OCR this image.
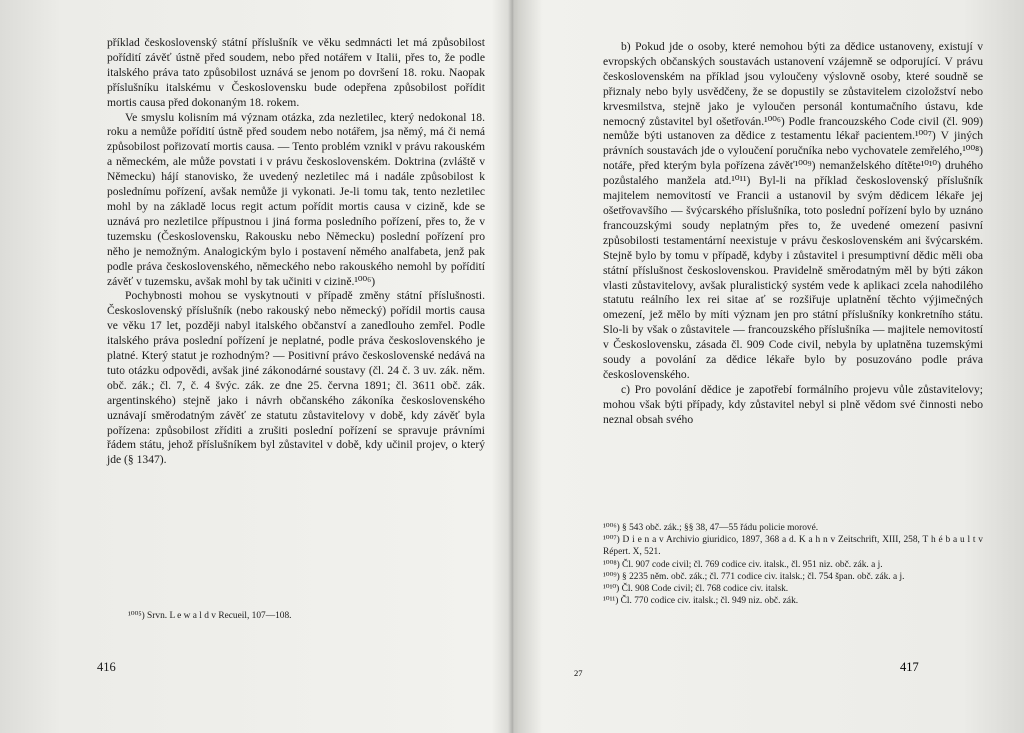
příklad československý státní příslušník ve věku sedmnácti let má způsobilost pořídití závěť ústně před soudem, nebo před notářem v Italii, přes to, že podle italského práva tato způsobilost uznává se jenom po dovršení 18. roku. Naopak příslušníku italskému v Československu bude odepřena způsobilost pořídit mortis causa před dokonaným 18. rokem.

Ve smyslu kolisním má význam otázka, zda nezletilec, který nedokonal 18. roku a nemůže pořídití ústně před soudem nebo notářem, jsa němý, má či nemá způsobilost pořizovatí mortis causa. — Tento problém vznikl v právu rakouském a německém, ale může povstati i v právu československém. Doktrina (zvláště v Německu) hájí stanovisko, že uvedený nezletilec má i nadále způsobilost k poslednímu pořízení, avšak nemůže ji vykonati. Je-li tomu tak, tento nezletilec mohl by na základě locus regit actum pořídit mortis causa v cizině, kde se uznává pro nezletilce přípustnou i jiná forma posledního pořízení, přes to, že v tuzemsku (Československu, Rakousku nebo Německu) poslední pořízení pro něho je nemožným. Analogickým bylo i postavení němého analfabeta, jenž pak podle práva československého, německého nebo rakouského nemohl by pořídití závěť v tuzemsku, avšak mohl by tak učiniti v cizině.¹⁰⁰⁶)

Pochybnosti mohou se vyskytnouti v případě změny státní příslušnosti. Československý příslušník (nebo rakouský nebo německý) pořídil mortis causa ve věku 17 let, později nabyl italského občanství a zanedlouho zemřel. Podle italského práva poslední pořízení je neplatné, podle práva československého je platné. Který statut je rozhodným? — Positivní právo československé nedává na tuto otázku odpovědi, avšak jiné zákonodárné soustavy (čl. 24 č. 3 uv. zák. něm. obč. zák.; čl. 7, č. 4 švýc. zák. ze dne 25. června 1891; čl. 3611 obč. zák. argentinského) stejně jako i návrh občanského zákoníka československého uznávají směrodatným závěť ze statutu zůstavitelovy v době, kdy závěť byla pořízena: způsobilost zříditi a zrušiti poslední pořízení se spravuje právními řádem státu, jehož příslušníkem byl zůstavitel v době, kdy učinil projev, o který jde (§ 1347).

¹⁰⁰⁵) Srvn. L e w a l d v Recueil, 107—108.
416

b) Pokud jde o osoby, které nemohou býti za dědice ustanoveny, existují v evropských občanských soustavách ustanovení vzájemně se odporující. V právu československém na příklad jsou vyloučeny výslovně osoby, které soudně se přiznaly nebo byly usvědčeny, že se dopustily se zůstavitelem cizoložství nebo krvesmilstva, stejně jako je vyloučen personál kontumačního ústavu, kde nemocný zůstavitel byl ošetřován.¹⁰⁰⁶) Podle francouzského Code civil (čl. 909) nemůže býti ustanoven za dědice z testamentu lékař pacientem.¹⁰⁰⁷) V jiných právních soustavách jde o vyloučení poručníka nebo vychovatele zemřelého,¹⁰⁰⁸) notáře, před kterým byla pořízena závěť¹⁰⁰⁹) nemanželského dítěte¹⁰¹⁰) druhého pozůstalého manžela atd.¹⁰¹¹) Byl-li na příklad československý příslušník majitelem nemovitostí ve Francii a ustanovil by svým dědicem lékaře jej ošetřovavšího — švýcarského příslušníka, toto poslední pořízení bylo by uznáno francouzskými soudy neplatným přes to, že uvedené omezení pasivní způsobilosti testamentární neexistuje v právu československém ani švýcarském. Stejně bylo by tomu v případě, kdyby i zůstavitel i presumptivní dědic měli oba státní příslušnost československou. Pravidelně směrodatným měl by býti zákon vlasti zůstavitelovy, avšak pluralistický systém vede k aplikaci zcela nahodilého statutu reálního lex rei sitae ať se rozšiřuje uplatnění těchto výjimečných omezení, jež mělo by míti význam jen pro státní příslušníky konkretního státu. Slo-li by však o zůstavitele — francouzského příslušníka — majitele nemovitostí v Československu, zásada čl. 909 Code civil, nebyla by uplatněna tuzemskými soudy a povolání za dědice lékaře bylo by posuzováno podle práva československého.

c) Pro povolání dědice je zapotřebí formálního projevu vůle zůstavitelovy; mohou však býti případy, kdy zůstavitel nebyl si plně vědom své činnosti nebo neznal obsah svého

¹⁰⁰⁶) § 543 obč. zák.; §§ 38, 47—55 řádu policie morové.
¹⁰⁰⁷) D i e n a v Archivio giuridico, 1897, 368 a d. K a h n v Zeitschrift, XIII, 258, T h é b a u l t v Répert. X, 521.
¹⁰⁰⁸) Čl. 907 code civil; čl. 769 codice civ. italsk., čl. 951 niz. obč. zák. a j.
¹⁰⁰⁹) § 2235 něm. obč. zák.; čl. 771 codice civ. italsk.; čl. 754 špan. obč. zák. a j.
¹⁰¹⁰) Čl. 908 Code civil; čl. 768 codice civ. italsk.
¹⁰¹¹) Čl. 770 codice civ. italsk.; čl. 949 niz. obč. zák.
27	417
